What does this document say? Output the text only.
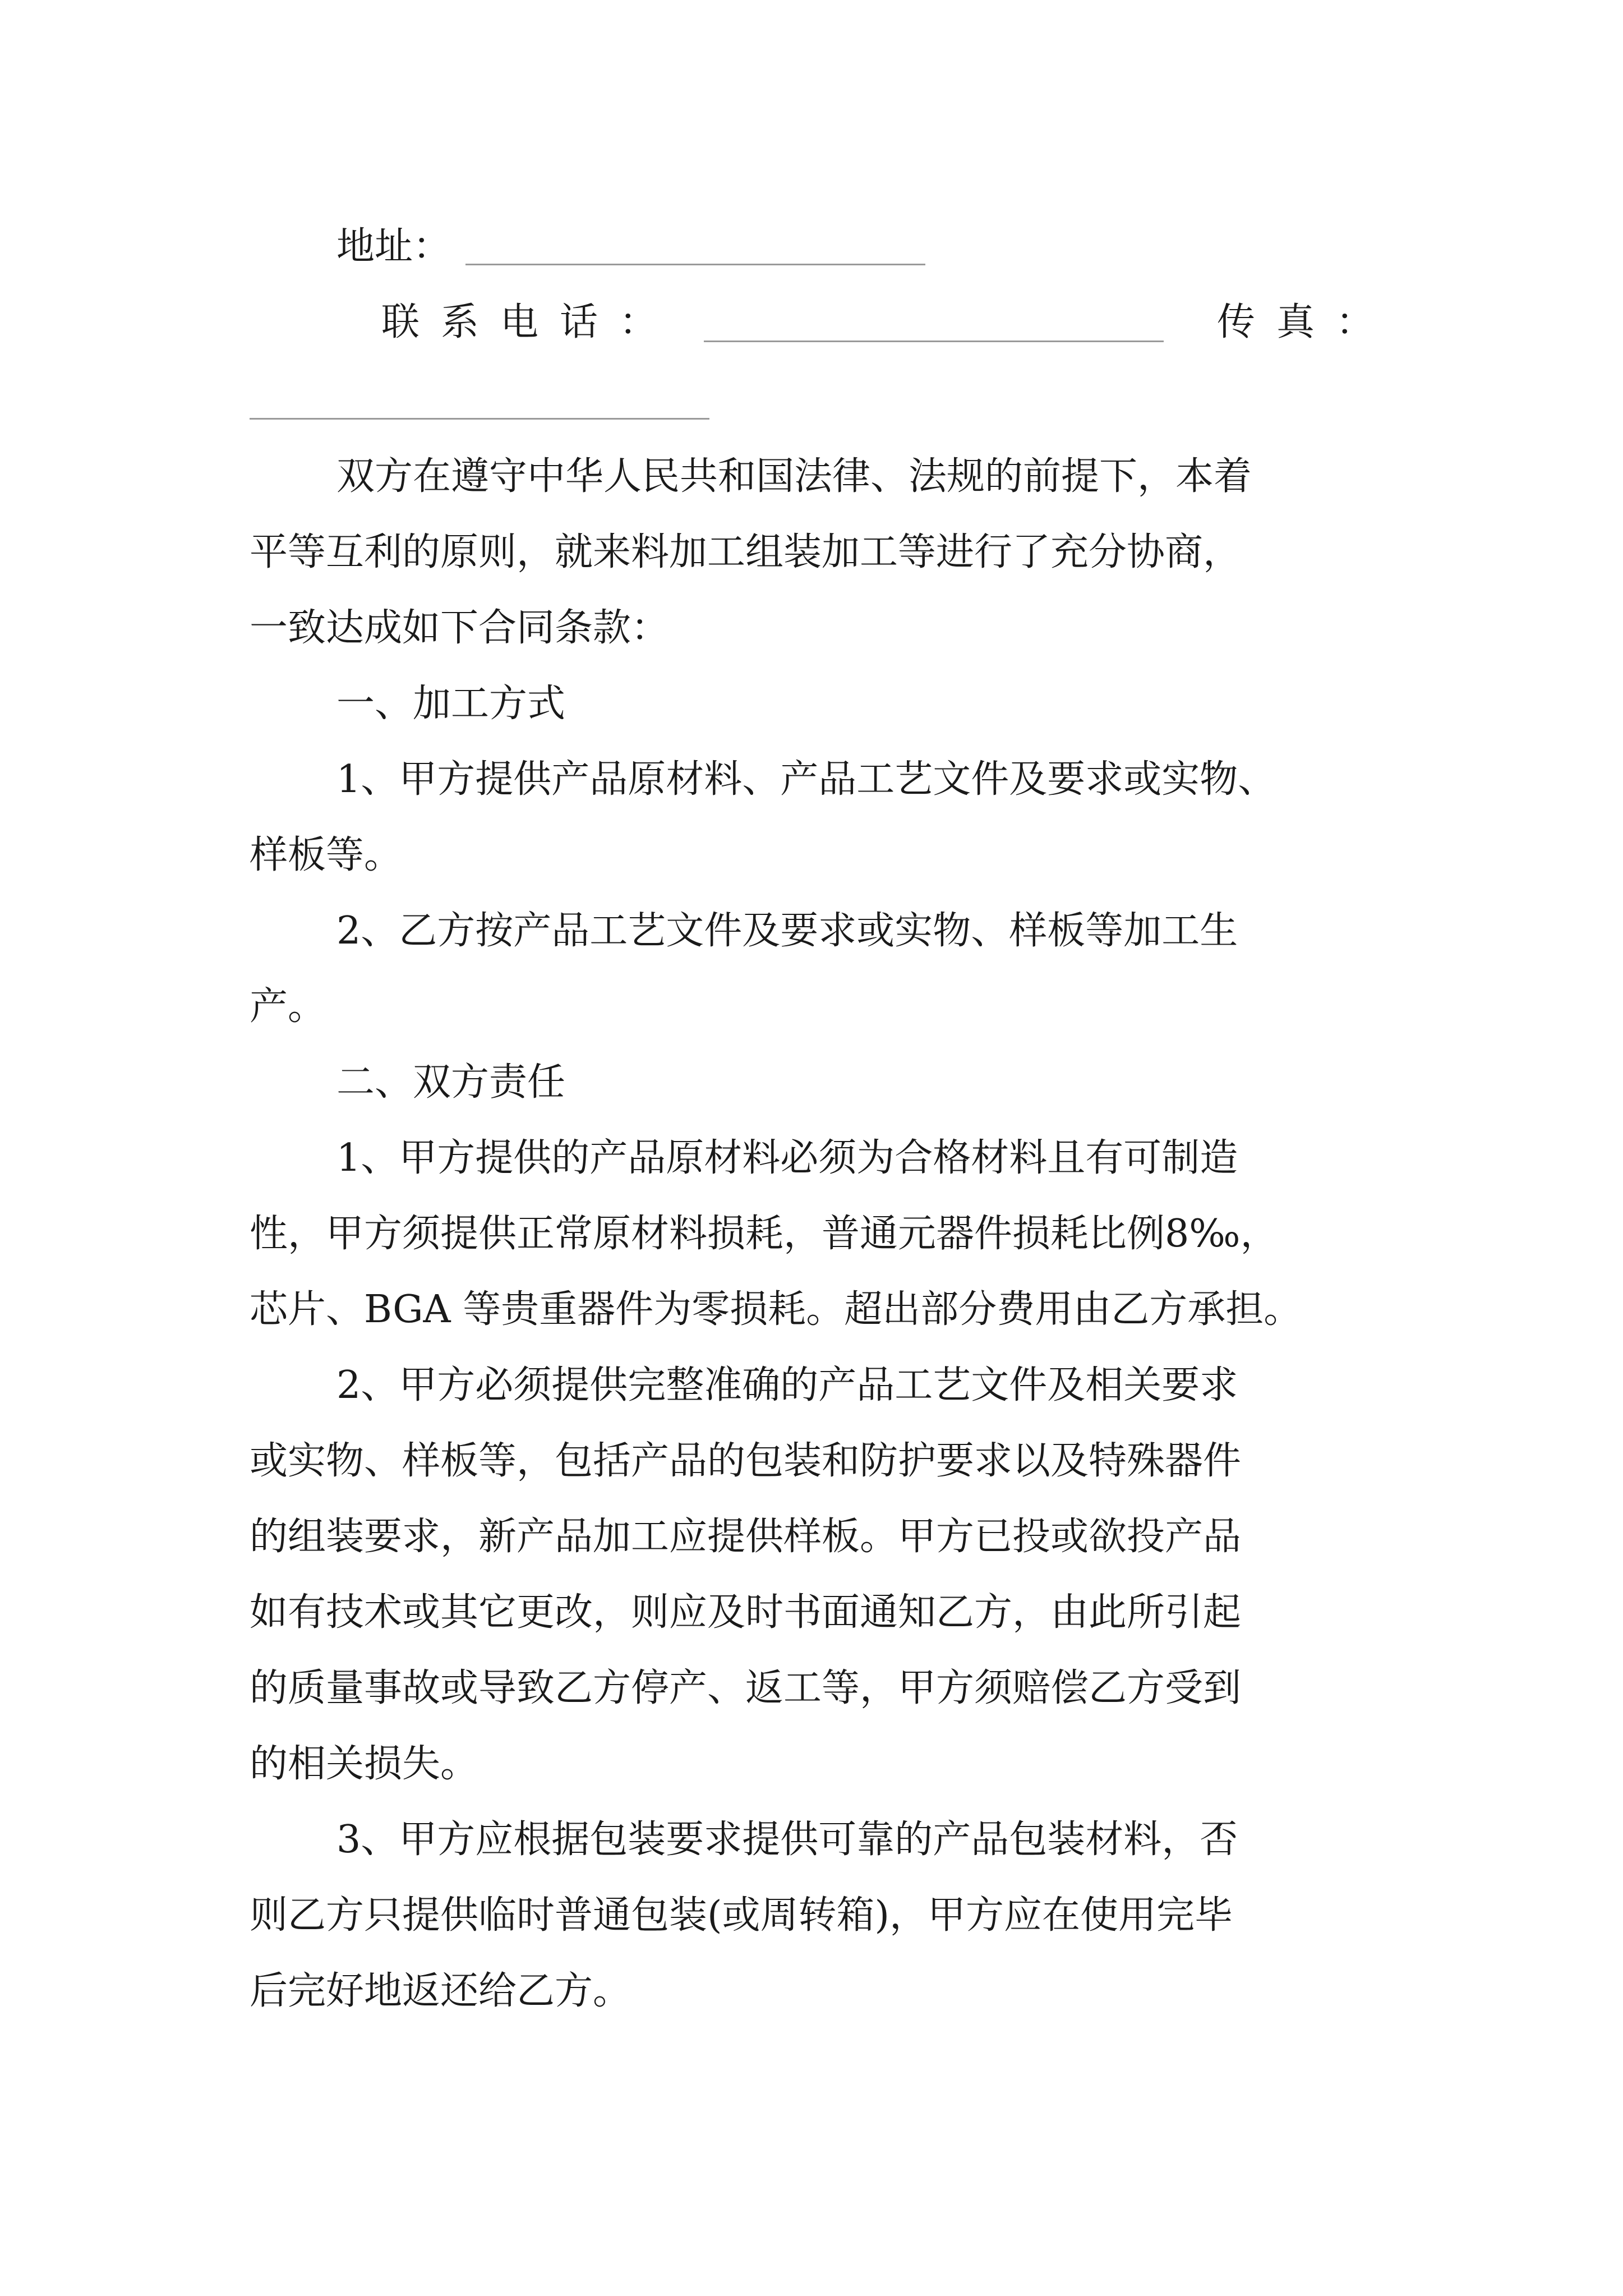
地址：
联系电话：	传真：
双方在遵守中华人民共和国法律、法规的前提下，本着
平等互利的原则，就来料加工组装加工等进行了充分协商，
一致达成如下合同条款：
一、加工方式
1、甲方提供产品原材料、产品工艺文件及要求或实物、
样板等。
2、乙方按产品工艺文件及要求或实物、样板等加工生
产。
二、双方责任
1、甲方提供的产品原材料必须为合格材料且有可制造
性，甲方须提供正常原材料损耗，普通元器件损耗比例8‰，
芯片、BGA 等贵重器件为零损耗。超出部分费用由乙方承担。
2、甲方必须提供完整准确的产品工艺文件及相关要求
或实物、样板等，包括产品的包装和防护要求以及特殊器件
的组装要求，新产品加工应提供样板。甲方已投或欲投产品
如有技术或其它更改，则应及时书面通知乙方，由此所引起
的质量事故或导致乙方停产、返工等，甲方须赔偿乙方受到
的相关损失。
3、甲方应根据包装要求提供可靠的产品包装材料，否
则乙方只提供临时普通包装(或周转箱)，甲方应在使用完毕
后完好地返还给乙方。
